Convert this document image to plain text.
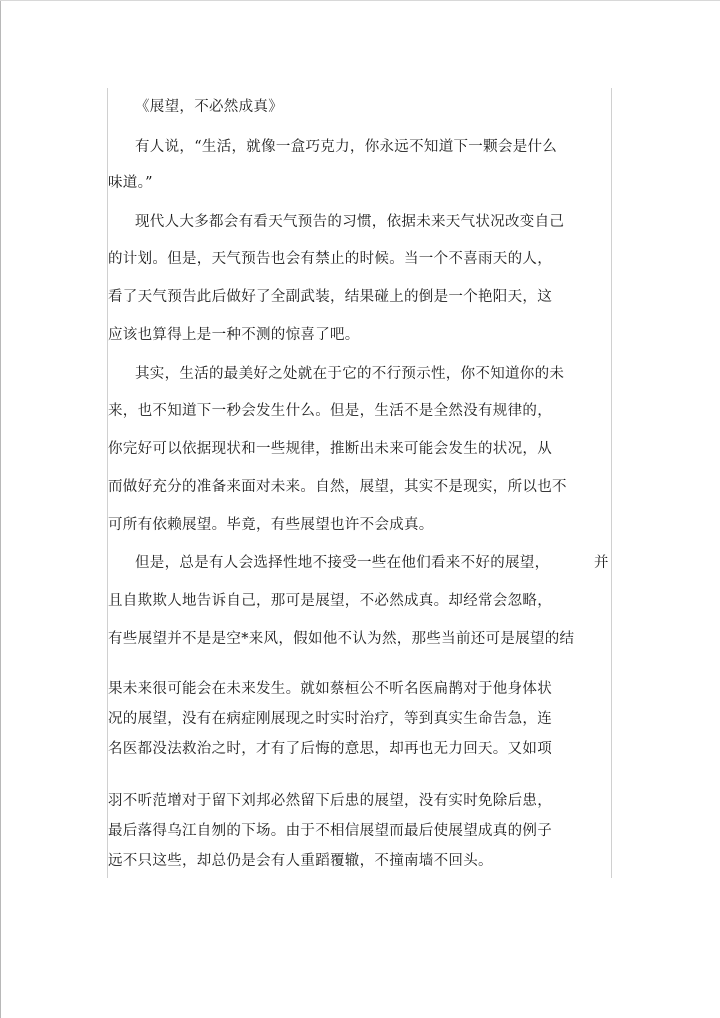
《展望，不必然成真》
有人说，“生活，就像一盒巧克力，你永远不知道下一颗会是什么
味道。”
现代人大多都会有看天气预告的习惯，依据未来天气状况改变自己
的计划。但是，天气预告也会有禁止的时候。当一个不喜雨天的人，
看了天气预告此后做好了全副武装，结果碰上的倒是一个艳阳天，这
应该也算得上是一种不测的惊喜了吧。
其实，生活的最美好之处就在于它的不行预示性，你不知道你的未
来，也不知道下一秒会发生什么。但是，生活不是全然没有规律的，
你完好可以依据现状和一些规律，推断出未来可能会发生的状况，从
而做好充分的准备来面对未来。自然，展望，其实不是现实，所以也不
可所有依赖展望。毕竟，有些展望也许不会成真。
但是，总是有人会选择性地不接受一些在他们看来不好的展望，	并
且自欺欺人地告诉自己，那可是展望，不必然成真。却经常会忽略，
有些展望并不是是空*来风，假如他不认为然，那些当前还可是展望的结
果未来很可能会在未来发生。就如蔡桓公不听名医扁鹊对于他身体状
况的展望，没有在病症刚展现之时实时治疗，等到真实生命告急，连
名医都没法救治之时，才有了后悔的意思，却再也无力回天。又如项
羽不听范增对于留下刘邦必然留下后患的展望，没有实时免除后患，
最后落得乌江自刎的下场。由于不相信展望而最后使展望成真的例子
远不只这些，却总仍是会有人重蹈覆辙，不撞南墙不回头。
